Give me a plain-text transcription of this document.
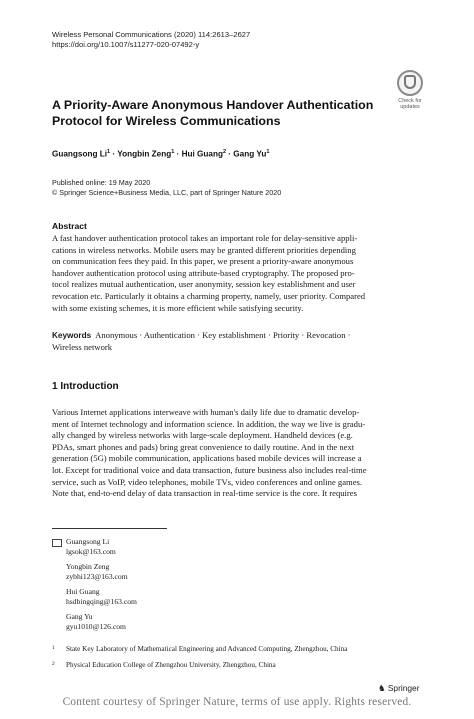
Wireless Personal Communications (2020) 114:2613–2627
https://doi.org/10.1007/s11277-020-07492-y
Check for
updates
A Priority-Aware Anonymous Handover Authentication
Protocol for Wireless Communications
Guangsong $Li^1$ · Yongbin Zeng$^1$ · Hui Guang$^2$ · Gang Yu$^1$
Published online: 19 May 2020
© Springer Science+Business Media, LLC, part of Springer Nature 2020
Abstract
A fast handover authentication protocol takes an important role for delay-sensitive appli-
cations in wireless networks. Mobile users may be granted different priorities depending
on communication fees they paid. In this paper, we present a priority-aware anonymous
handover authentication protocol using attribute-based cryptography. The proposed pro-
tocol realizes mutual authentication, user anonymity, session key establishment and user
revocation etc. Particularly it obtains a charming property, namely, user priority. Compared
with some existing schemes, it is more efficient while satisfying security.
Keywords Anonymous · Authentication · Key establishment · Priority · Revocation ·
Wireless network
1 Introduction
Various Internet applications interweave with human's daily life due to dramatic develop-
ment of Internet technology and information science. In addition, the way we live is gradu-
ally changed by wireless networks with large-scale deployment. Handheld devices (e.g.
PDAs, smart phones and pads) bring great convenience to daily routine. And in the next
generation (5G) mobile communication, applications based mobile devices will increase a
lot. Except for traditional voice and data transaction, future business also includes real-time
service, such as VoIP, video telephones, mobile TVs, video conferences and online games.
Note that, end-to-end delay of data transaction in real-time service is the core. It requires
Guangsong Li
lgsok@163.com
Yongbin Zeng
zybhi123@163.com
Hui Guang
hsdbingqing@163.com
Gang Yu
gyu1010@126.com
1 State Key Laboratory of Mathematical Engineering and Advanced Computing, Zhengzhou, China
2 Physical Education College of Zhengzhou University, Zhengzhou, China
♞ Springer
Content courtesy of Springer Nature, terms of use apply. Rights reserved.
